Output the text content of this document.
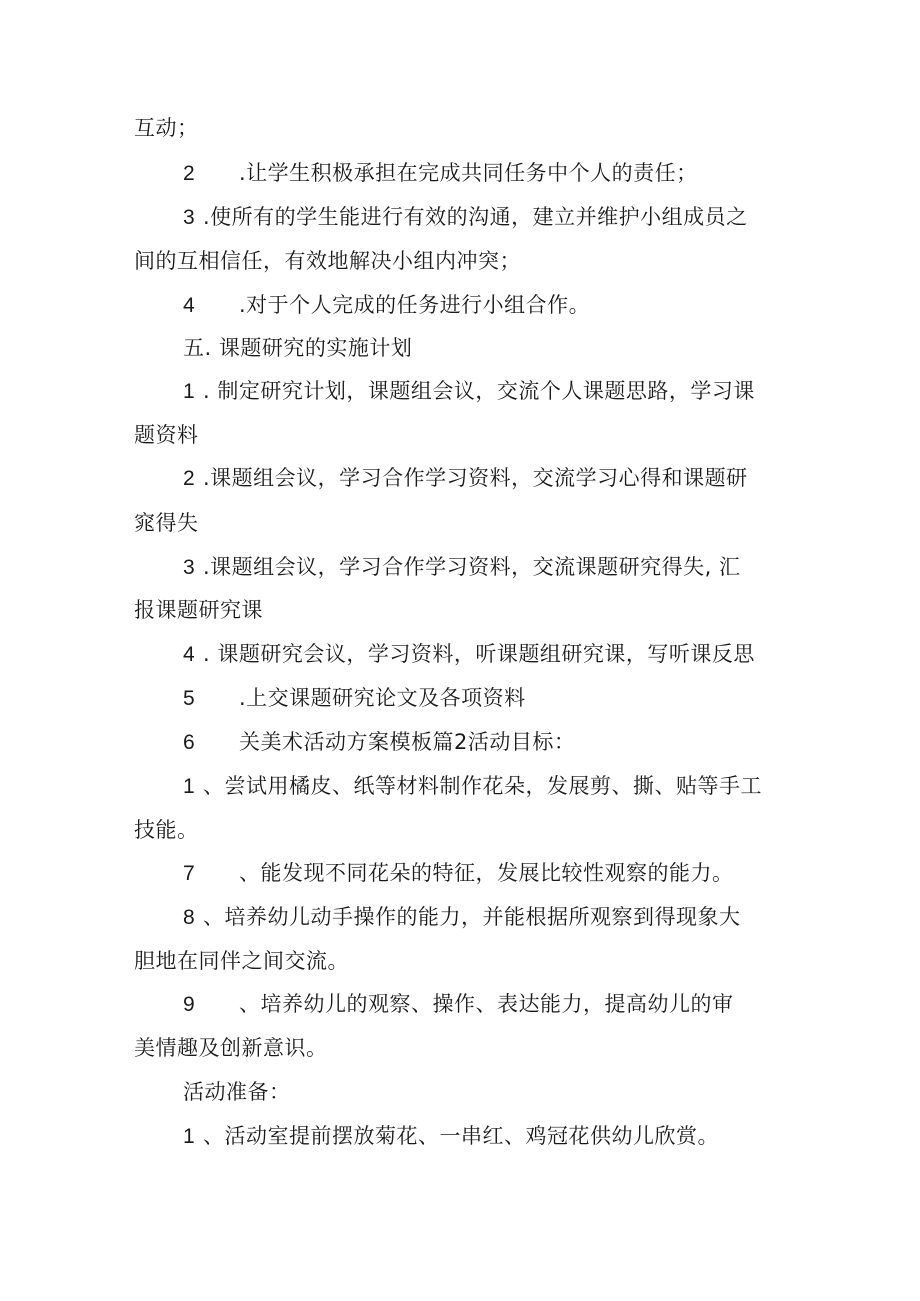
互动；
2 .让学生积极承担在完成共同任务中个人的责任；
3 .使所有的学生能进行有效的沟通，建立并维护小组成员之
间的互相信任，有效地解决小组内冲突；
4 .对于个人完成的任务进行小组合作。
五. 课题研究的实施计划
1 . 制定研究计划，课题组会议，交流个人课题思路，学习课
题资料
2 .课题组会议，学习合作学习资料，交流学习心得和课题研
窕得失
3 .课题组会议，学习合作学习资料，交流课题研究得失, 汇
报课题研究课
4 . 课题研究会议，学习资料，听课题组研究课，写听课反思
5 .上交课题研究论文及各项资料
6 关美术活动方案模板篇2活动目标：
1 、尝试用橘皮、纸等材料制作花朵，发展剪、撕、贴等手工
技能。
7 、能发现不同花朵的特征，发展比较性观察的能力。
8 、培养幼儿动手操作的能力，并能根据所观察到得现象大
胆地在同伴之间交流。
9 、培养幼儿的观察、操作、表达能力，提高幼儿的审
美情趣及创新意识。
活动准备：
1 、活动室提前摆放菊花、一串红、鸡冠花供幼儿欣赏。
